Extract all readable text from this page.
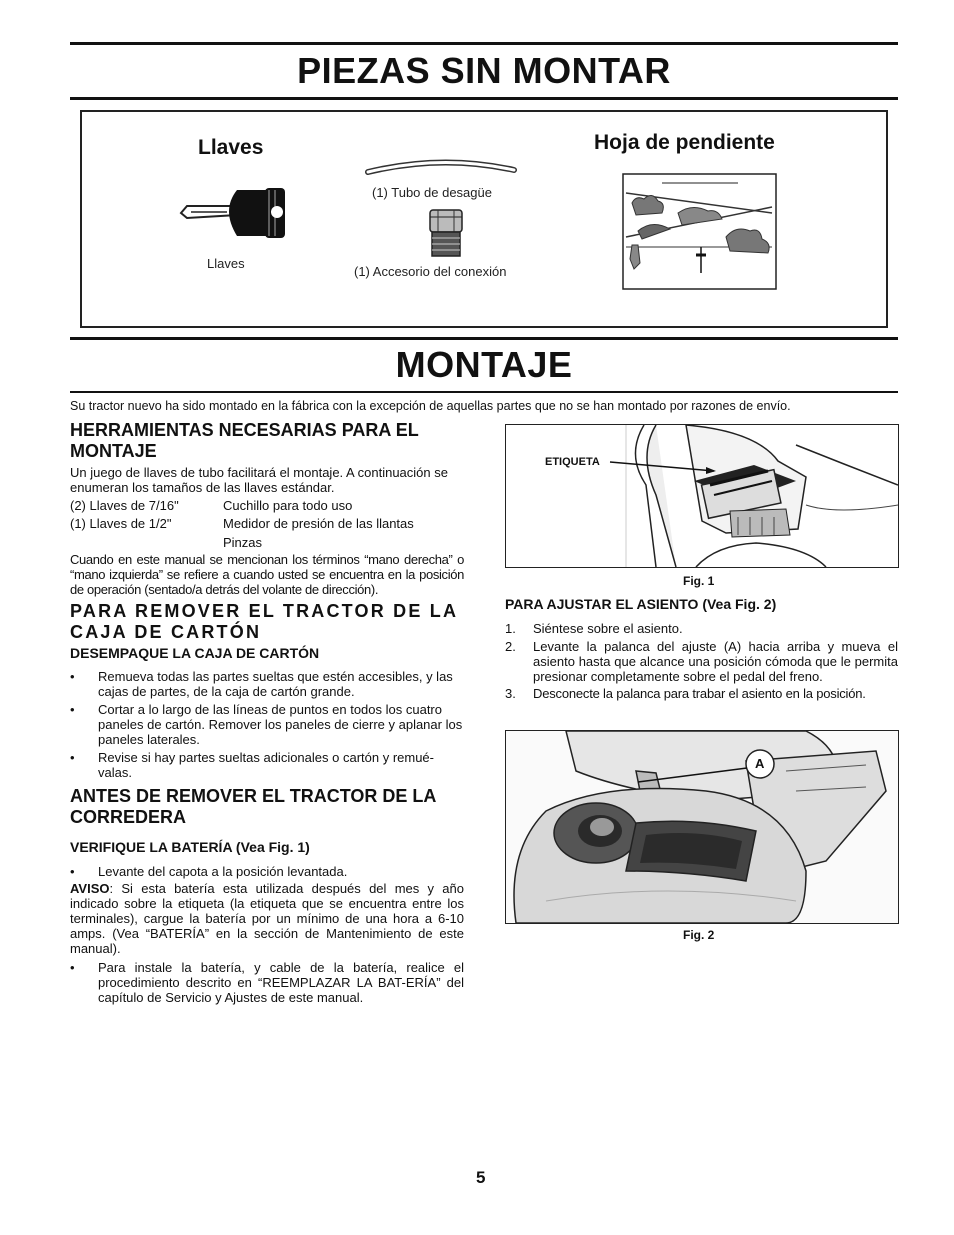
PIEZAS SIN MONTAR
Llaves
Llaves
(1) Tubo de desagüe
(1) Accesorio del conexión
Hoja de pendiente
MONTAJE
Su tractor nuevo ha sido montado en la fábrica con la excepción de aquellas partes que no se han montado por razones de envío.
HERRAMIENTAS NECESARIAS PARA EL MONTAJE
Un juego de llaves de tubo facilitará el montaje. A continuación se enumeran los tamaños de las llaves estándar.
(2) Llaves de 7/16"	Cuchillo para todo uso
(1) Llaves de 1/2"	Medidor de presión de las llantas
Pinzas
Cuando en este manual se mencionan los términos “mano derecha” o “mano izquierda” se refiere a cuando usted se encuentra en la posición de operación (sentado/a detrás del volante de dirección).
PARA REMOVER EL TRACTOR DE LA CAJA DE CARTÓN
DESEMPAQUE LA CAJA DE CARTÓN
• Remueva todas las partes sueltas que estén accesibles, y las cajas de partes, de la caja de cartón grande.
• Cortar a lo largo de las líneas de puntos en todos los cuatro paneles de cartón. Remover los paneles de cierre y aplanar los paneles laterales.
• Revise si hay partes sueltas adicionales o cartón y remué-valas.
ANTES DE REMOVER EL TRACTOR DE LA CORREDERA
VERIFIQUE LA BATERÍA (Vea Fig. 1)
• Levante del capota a la posición levantada.
AVISO: Si esta batería esta utilizada después del mes y año indicado sobre la etiqueta (la etiqueta que se encuentra entre los terminales), cargue la batería por un mínimo de una hora a 6-10 amps. (Vea “BATERÍA” en la sección de Mantenimiento de este manual).
• Para instale la batería, y cable de la batería, realice el procedimiento descrito en “REEMPLAZAR LA BAT-ERÍA” del capítulo de Servicio y Ajustes de este manual.
ETIQUETA
Fig. 1
PARA AJUSTAR EL ASIENTO (Vea Fig. 2)
1. Siéntese sobre el asiento.
2. Levante la palanca del ajuste (A) hacia arriba y mueva el asiento hasta que alcance una posición cómoda que le permita presionar completamente sobre el pedal del freno.
3. Desconecte la palanca para trabar el asiento en la posición.
A
Fig. 2
5
